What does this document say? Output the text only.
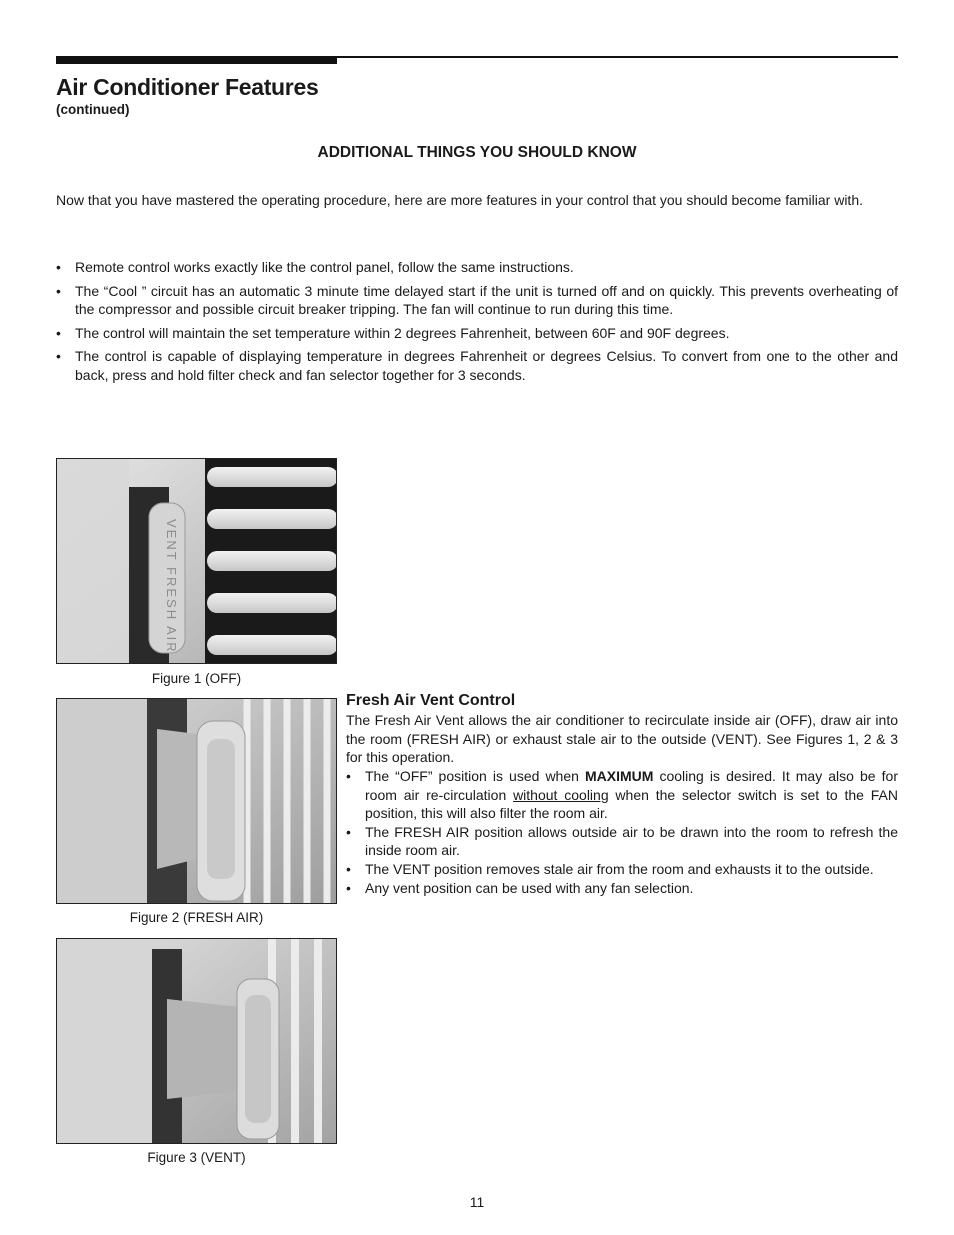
Air Conditioner Features
(continued)
ADDITIONAL THINGS YOU SHOULD KNOW

Now that you have mastered the operating procedure, here are more features in your control that you should become familiar with.

• Remote control works exactly like the control panel, follow the same instructions.
• The “Cool ” circuit has an automatic 3 minute time delayed start if the unit is turned off and on quickly. This prevents overheating of the compressor and possible circuit breaker tripping. The fan will continue to run during this time.
• The control will maintain the set temperature within 2 degrees Fahrenheit, between 60F and 90F degrees.
• The control is capable of displaying temperature in degrees Fahrenheit or degrees Celsius. To convert from one to the other and back, press and hold filter check and fan selector together for 3 seconds.
VENT FRESH AIR
Figure 1 (OFF)
Figure 2 (FRESH AIR)
Figure 3 (VENT)
Fresh Air Vent Control

The Fresh Air Vent allows the air conditioner to recirculate inside air (OFF), draw air into the room (FRESH AIR) or exhaust stale air to the outside (VENT). See Figures 1, 2 & 3 for this operation.

• The “OFF” position is used when MAXIMUM cooling is desired. It may also be for room air re-circulation without cooling when the selector switch is set to the FAN position, this will also filter the room air.
• The FRESH AIR position allows outside air to be drawn into the room to refresh the inside room air.
• The VENT position removes stale air from the room and exhausts it to the outside.
• Any vent position can be used with any fan selection.
11
